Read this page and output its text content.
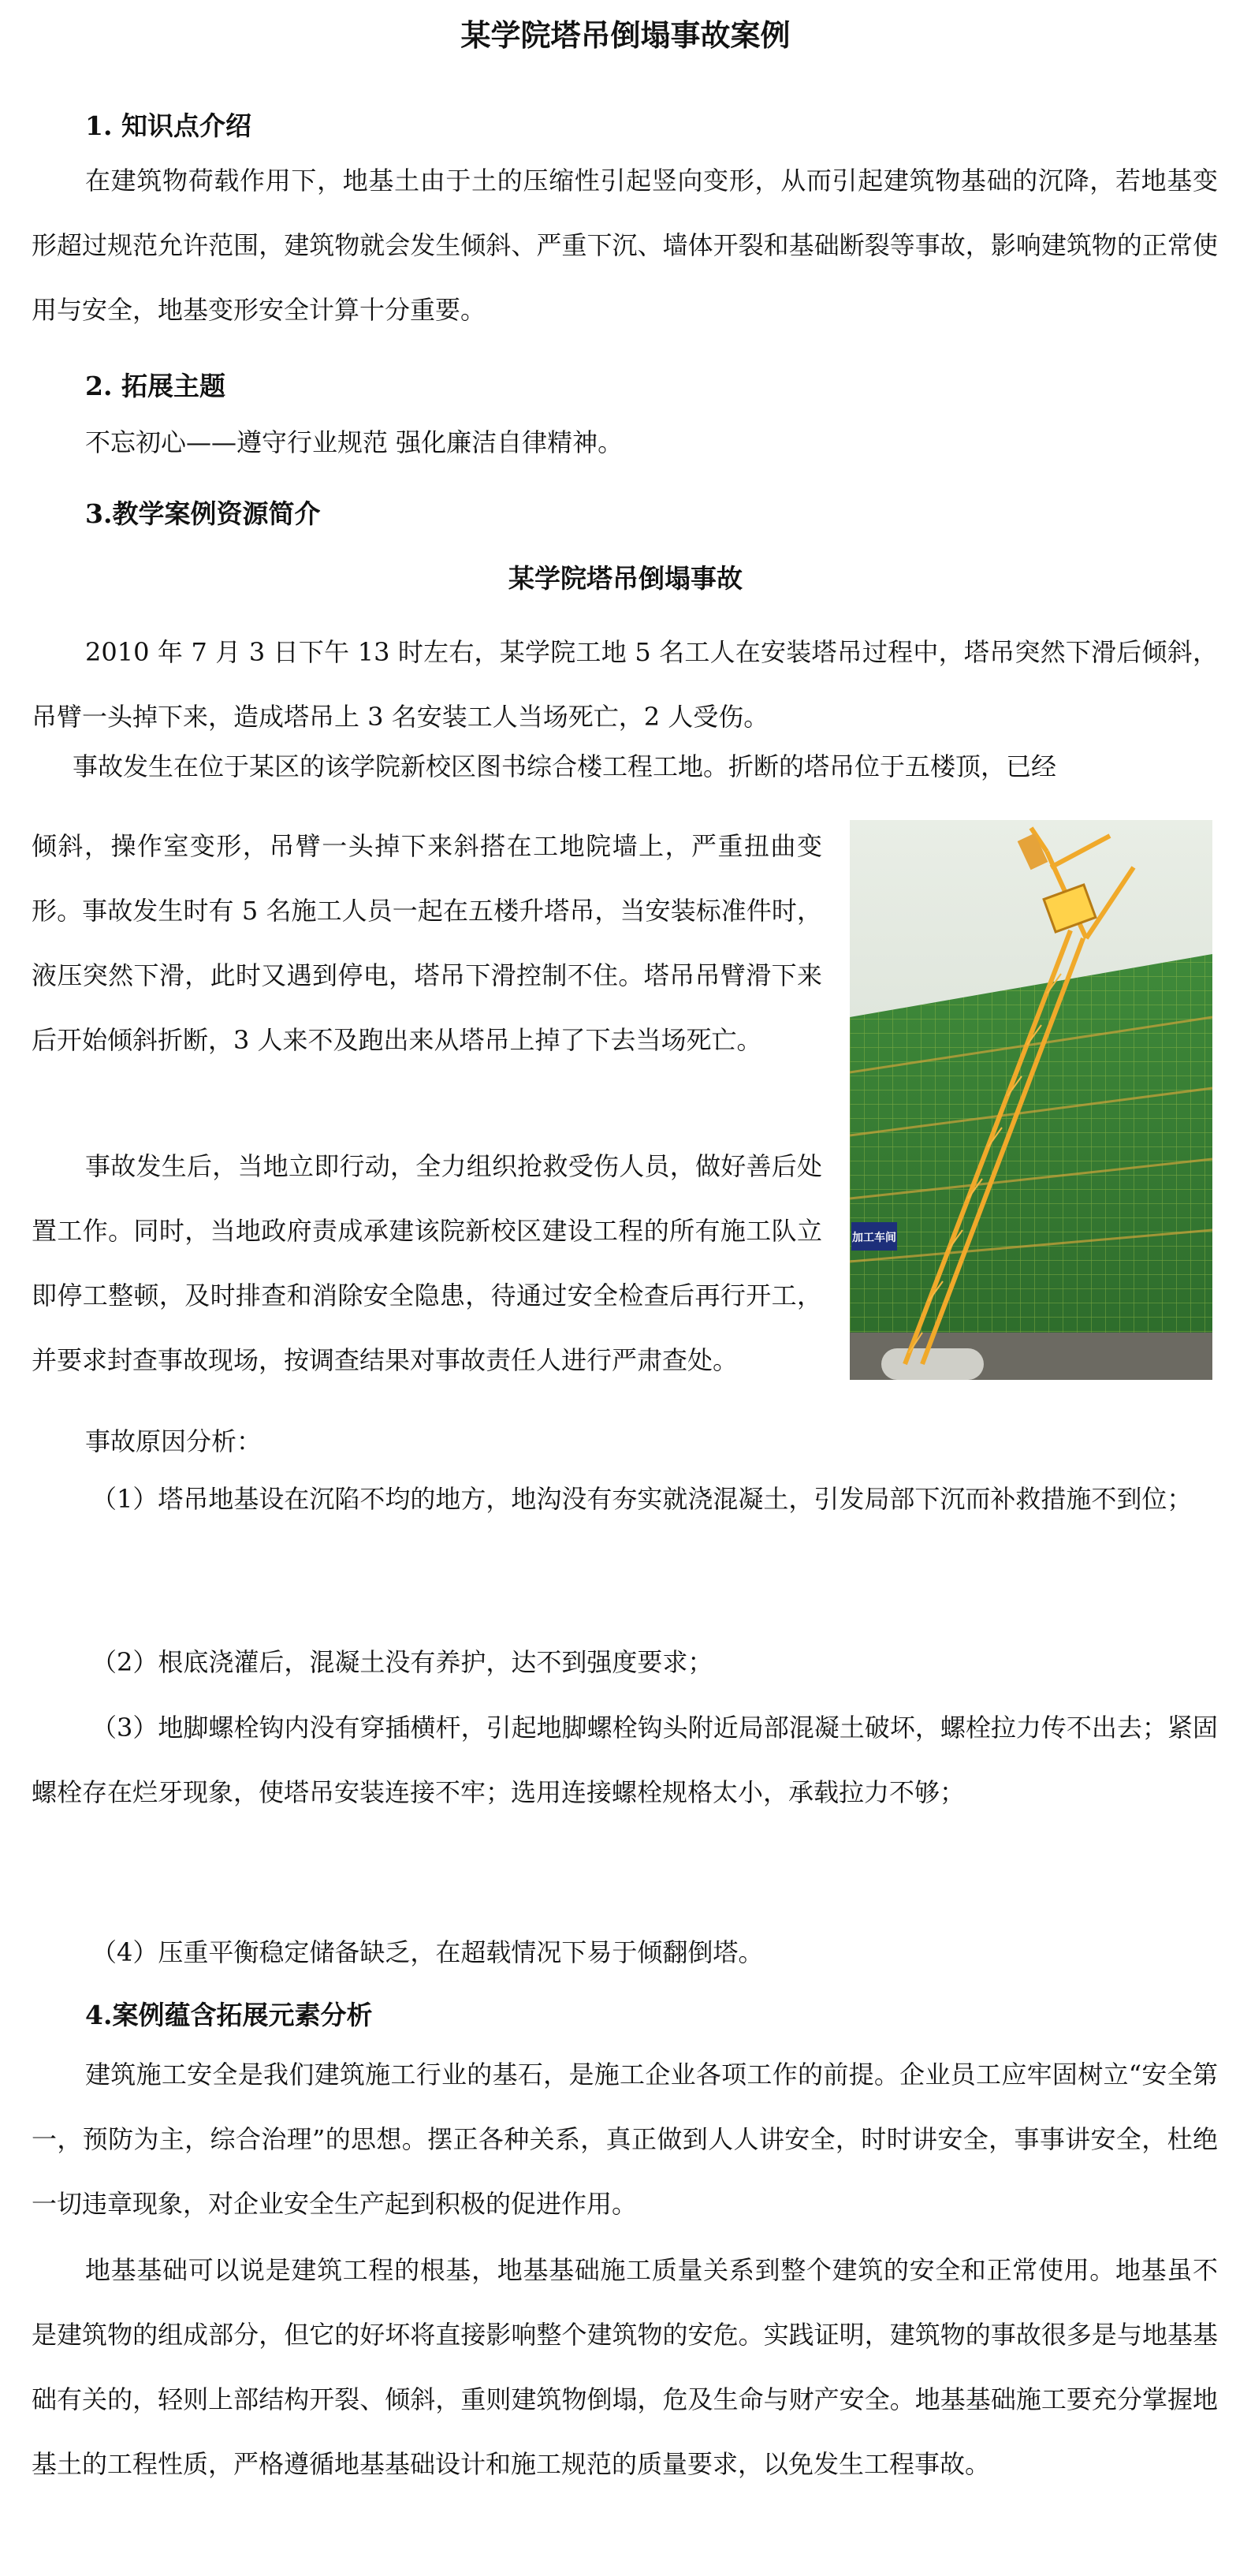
某学院塔吊倒塌事故案例
1. 知识点介绍

在建筑物荷载作用下，地基土由于土的压缩性引起竖向变形，从而引起建筑物基础的沉降，若地基变形超过规范允许范围，建筑物就会发生倾斜、严重下沉、墙体开裂和基础断裂等事故，影响建筑物的正常使用与安全，地基变形安全计算十分重要。

2. 拓展主题

不忘初心——遵守行业规范 强化廉洁自律精神。

3.教学案例资源简介
某学院塔吊倒塌事故

2010 年 7 月 3 日下午 13 时左右，某学院工地 5 名工人在安装塔吊过程中，塔吊突然下滑后倾斜，吊臂一头掉下来，造成塔吊上 3 名安装工人当场死亡，2 人受伤。

事故发生在位于某区的该学院新校区图书综合楼工程工地。折断的塔吊位于五楼顶，已经

倾斜，操作室变形，吊臂一头掉下来斜搭在工地院墙上，严重扭曲变形。事故发生时有 5 名施工人员一起在五楼升塔吊，当安装标准件时，液压突然下滑，此时又遇到停电，塔吊下滑控制不住。塔吊吊臂滑下来后开始倾斜折断，3 人来不及跑出来从塔吊上掉了下去当场死亡。

事故发生后，当地立即行动，全力组织抢救受伤人员，做好善后处置工作。同时，当地政府责成承建该院新校区建设工程的所有施工队立即停工整顿，及时排查和消除安全隐患，待通过安全检查后再行开工，并要求封查事故现场，按调查结果对事故责任人进行严肃查处。

加工车间

事故原因分析：

（1）塔吊地基设在沉陷不均的地方，地沟没有夯实就浇混凝土，引发局部下沉而补救措施不到位；

（2）根底浇灌后，混凝土没有养护，达不到强度要求；

（3）地脚螺栓钩内没有穿插横杆，引起地脚螺栓钩头附近局部混凝土破坏，螺栓拉力传不出去；紧固螺栓存在烂牙现象，使塔吊安装连接不牢；选用连接螺栓规格太小，承载拉力不够；

（4）压重平衡稳定储备缺乏，在超载情况下易于倾翻倒塔。

4.案例蕴含拓展元素分析

建筑施工安全是我们建筑施工行业的基石，是施工企业各项工作的前提。企业员工应牢固树立“安全第一，预防为主，综合治理”的思想。摆正各种关系，真正做到人人讲安全，时时讲安全，事事讲安全，杜绝一切违章现象，对企业安全生产起到积极的促进作用。

地基基础可以说是建筑工程的根基，地基基础施工质量关系到整个建筑的安全和正常使用。地基虽不是建筑物的组成部分，但它的好坏将直接影响整个建筑物的安危。实践证明，建筑物的事故很多是与地基基础有关的，轻则上部结构开裂、倾斜，重则建筑物倒塌，危及生命与财产安全。地基基础施工要充分掌握地基土的工程性质，严格遵循地基基础设计和施工规范的质量要求，以免发生工程事故。
